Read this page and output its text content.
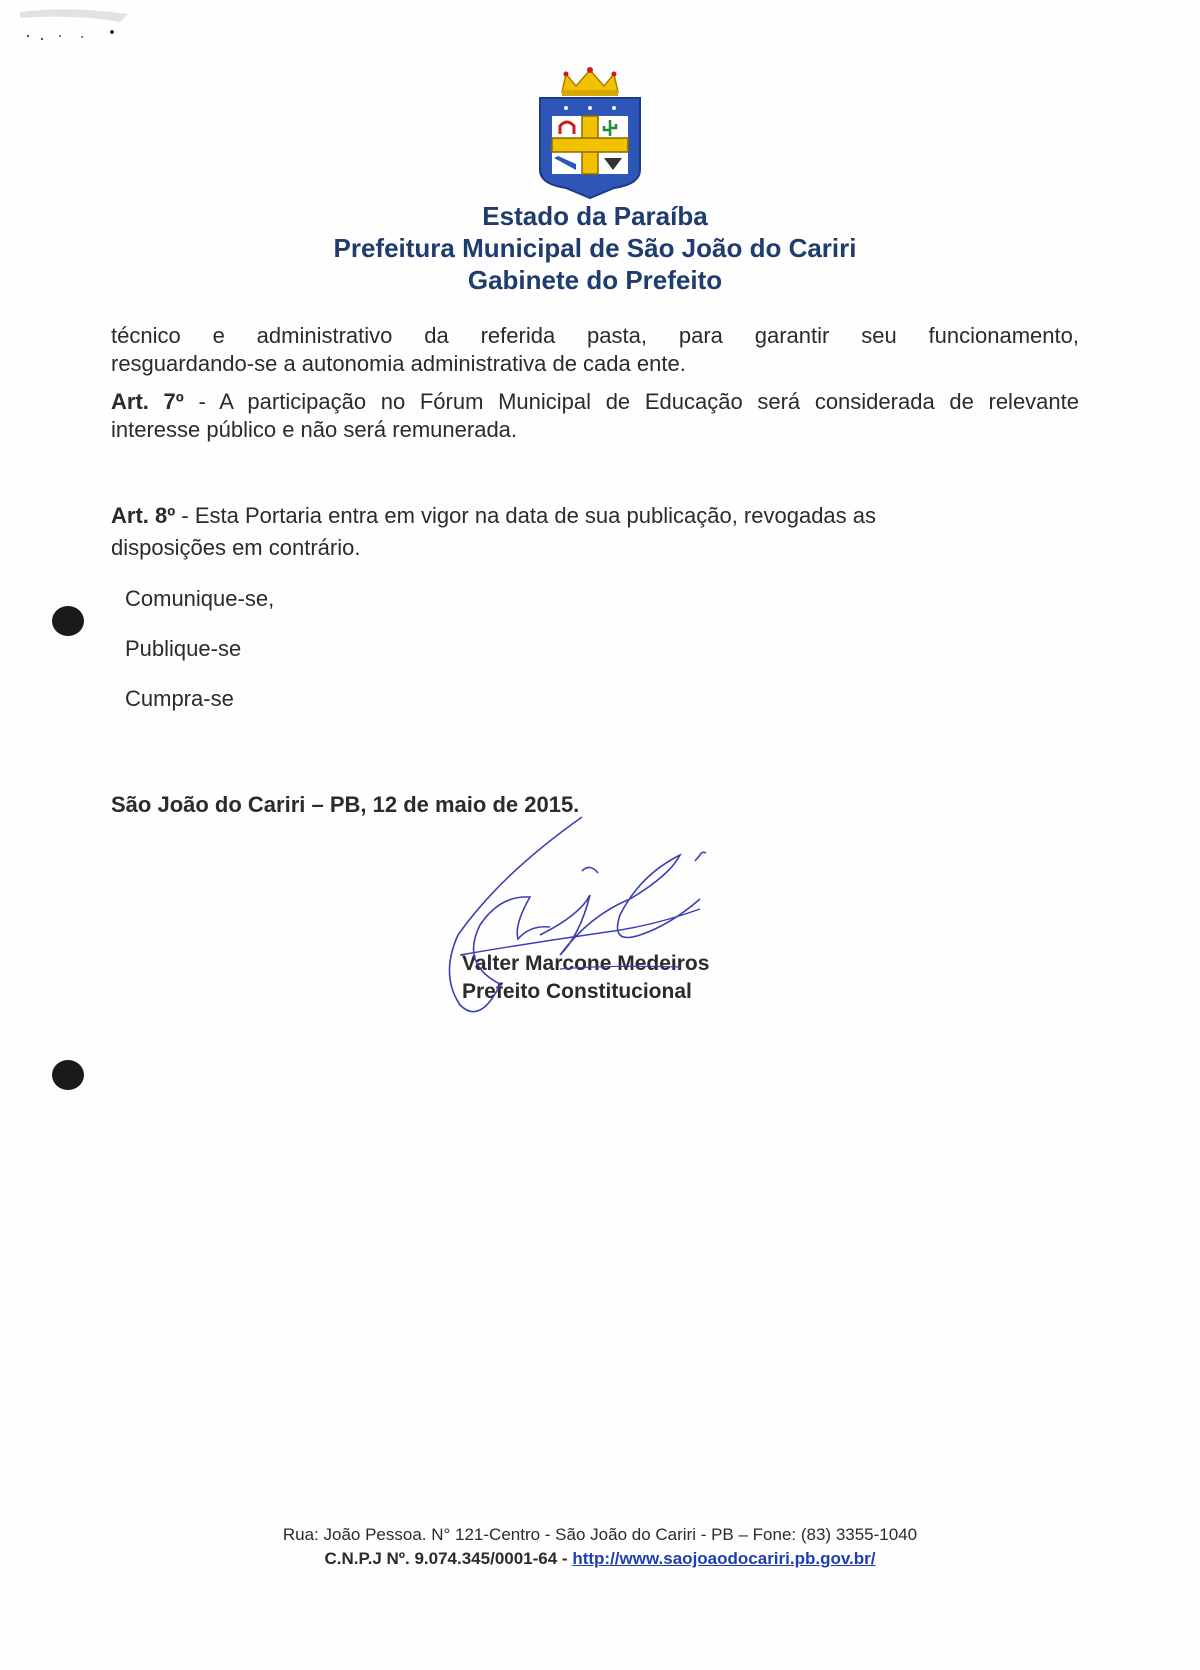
Estado da Paraíba
Prefeitura Municipal de São João do Cariri
Gabinete do Prefeito
técnico e administrativo da referida pasta, para garantir seu funcionamento,
resguardando-se a autonomia administrativa de cada ente.
Art. 7º - A participação no Fórum Municipal de Educação será considerada de relevante
interesse público e não será remunerada.
Art. 8º - Esta Portaria entra em vigor na data de sua publicação, revogadas as
disposições em contrário.
Comunique-se,
Publique-se
Cumpra-se
São João do Cariri – PB, 12 de maio de 2015.
Valter Marcone Medeiros
Prefeito Constitucional
Rua: João Pessoa. N° 121-Centro - São João do Cariri - PB – Fone: (83) 3355-1040
C.N.P.J Nº. 9.074.345/0001-64 - http://www.saojoaodocariri.pb.gov.br/
